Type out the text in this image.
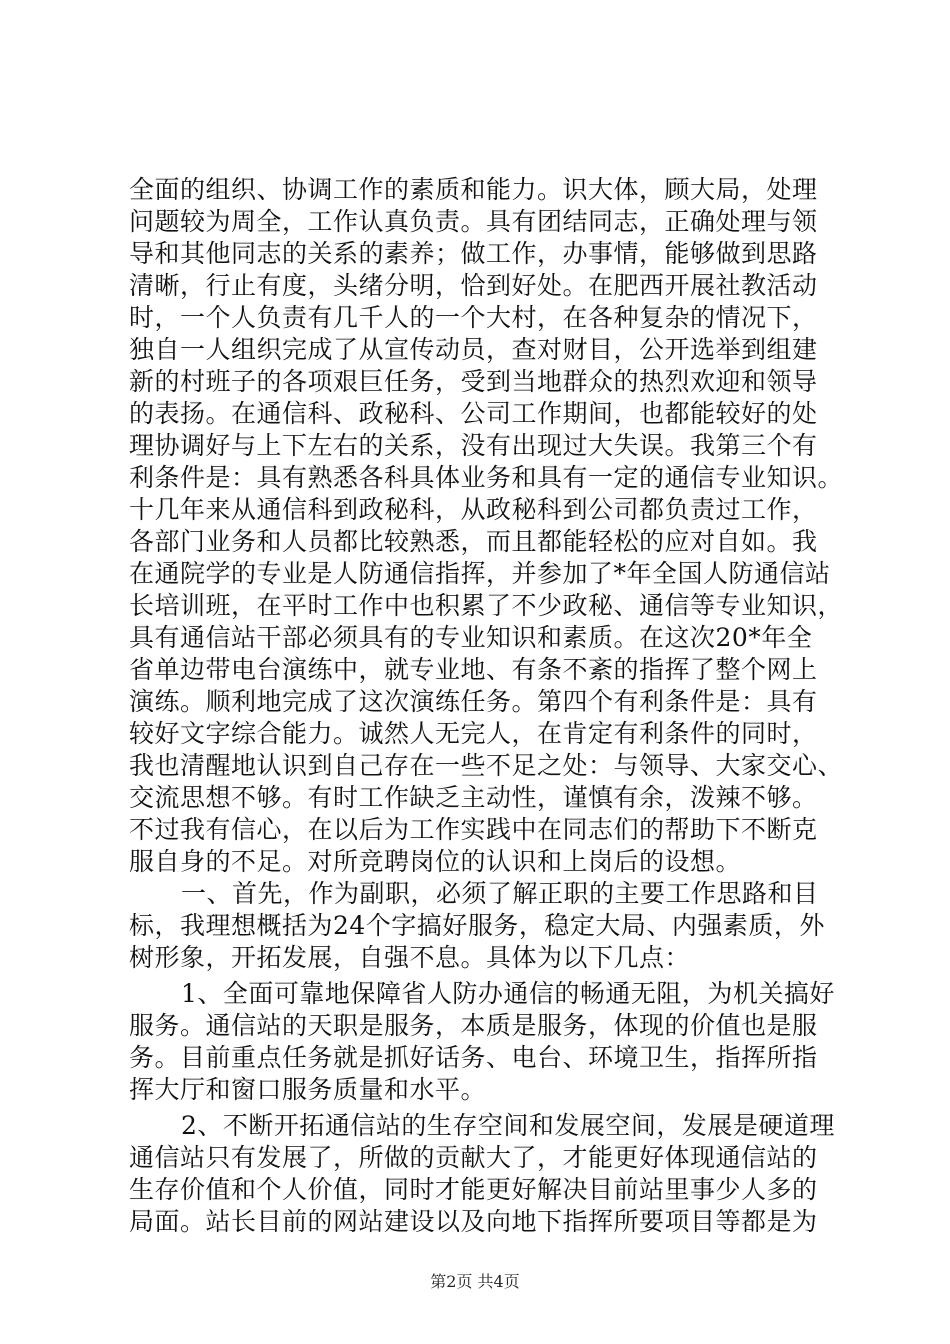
全面的组织、协调工作的素质和能力。识大体，顾大局，处理
问题较为周全，工作认真负责。具有团结同志，正确处理与领
导和其他同志的关系的素养；做工作，办事情，能够做到思路
清晰，行止有度，头绪分明，恰到好处。在肥西开展社教活动
时，一个人负责有几千人的一个大村，在各种复杂的情况下，
独自一人组织完成了从宣传动员，查对财目，公开选举到组建
新的村班子的各项艰巨任务，受到当地群众的热烈欢迎和领导
的表扬。在通信科、政秘科、公司工作期间，也都能较好的处
理协调好与上下左右的关系，没有出现过大失误。我第三个有
利条件是：具有熟悉各科具体业务和具有一定的通信专业知识。
十几年来从通信科到政秘科，从政秘科到公司都负责过工作，
各部门业务和人员都比较熟悉，而且都能轻松的应对自如。我
在通院学的专业是人防通信指挥，并参加了*年全国人防通信站
长培训班，在平时工作中也积累了不少政秘、通信等专业知识，
具有通信站干部必须具有的专业知识和素质。在这次20*年全
省单边带电台演练中，就专业地、有条不紊的指挥了整个网上
演练。顺利地完成了这次演练任务。第四个有利条件是：具有
较好文字综合能力。诚然人无完人，在肯定有利条件的同时，
我也清醒地认识到自己存在一些不足之处：与领导、大家交心、
交流思想不够。有时工作缺乏主动性，谨慎有余，泼辣不够。
不过我有信心，在以后为工作实践中在同志们的帮助下不断克
服自身的不足。对所竞聘岗位的认识和上岗后的设想。
一、首先，作为副职，必须了解正职的主要工作思路和目
标，我理想概括为24个字搞好服务，稳定大局、内强素质，外
树形象，开拓发展，自强不息。具体为以下几点：
1、全面可靠地保障省人防办通信的畅通无阻，为机关搞好
服务。通信站的天职是服务，本质是服务，体现的价值也是服
务。目前重点任务就是抓好话务、电台、环境卫生，指挥所指
挥大厅和窗口服务质量和水平。
2、不断开拓通信站的生存空间和发展空间，发展是硬道理
通信站只有发展了，所做的贡献大了，才能更好体现通信站的
生存价值和个人价值，同时才能更好解决目前站里事少人多的
局面。站长目前的网站建设以及向地下指挥所要项目等都是为
第2页 共4页
